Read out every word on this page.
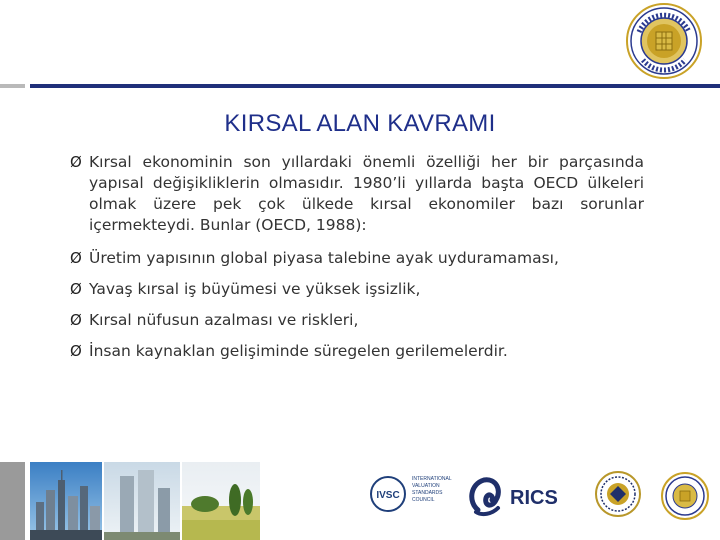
KIRSAL ALAN KAVRAMI
Ø Kırsal ekonominin son yıllardaki önemli özelliği her bir parçasında yapısal değişikliklerin olmasıdır. 1980’li yıllarda başta OECD ülkeleri olmak üzere pek çok ülkede kırsal ekonomiler bazı sorunlar içermekteydi. Bunlar (OECD, 1988):
Ø Üretim yapısının global piyasa talebine ayak uyduramaması,
Ø Yavaş kırsal iş büyümesi ve yüksek işsizlik,
Ø Kırsal nüfusun azalması ve riskleri,
Ø İnsan kaynaklan gelişiminde süregelen gerilemelerdir.
IVSC
INTERNATIONAL
VALUATION
STANDARDS
COUNCIL	RICS
